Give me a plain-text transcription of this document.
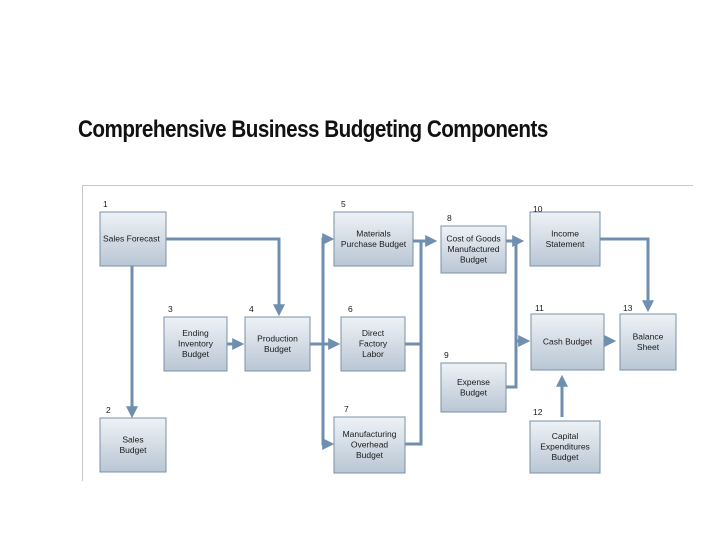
Comprehensive Business Budgeting Components
1
Sales Forecast
2
Sales
Budget
3
Ending
Inventory
Budget
4
Production
Budget
5
Materials
Purchase Budget
6
Direct
Factory
Labor
7
Manufacturing
Overhead
Budget
8
Cost of Goods
Manufactured
Budget
9
Expense
Budget
10
Income
Statement
11
Cash Budget
12
Capital
Expenditures
Budget
13
Balance
Sheet
